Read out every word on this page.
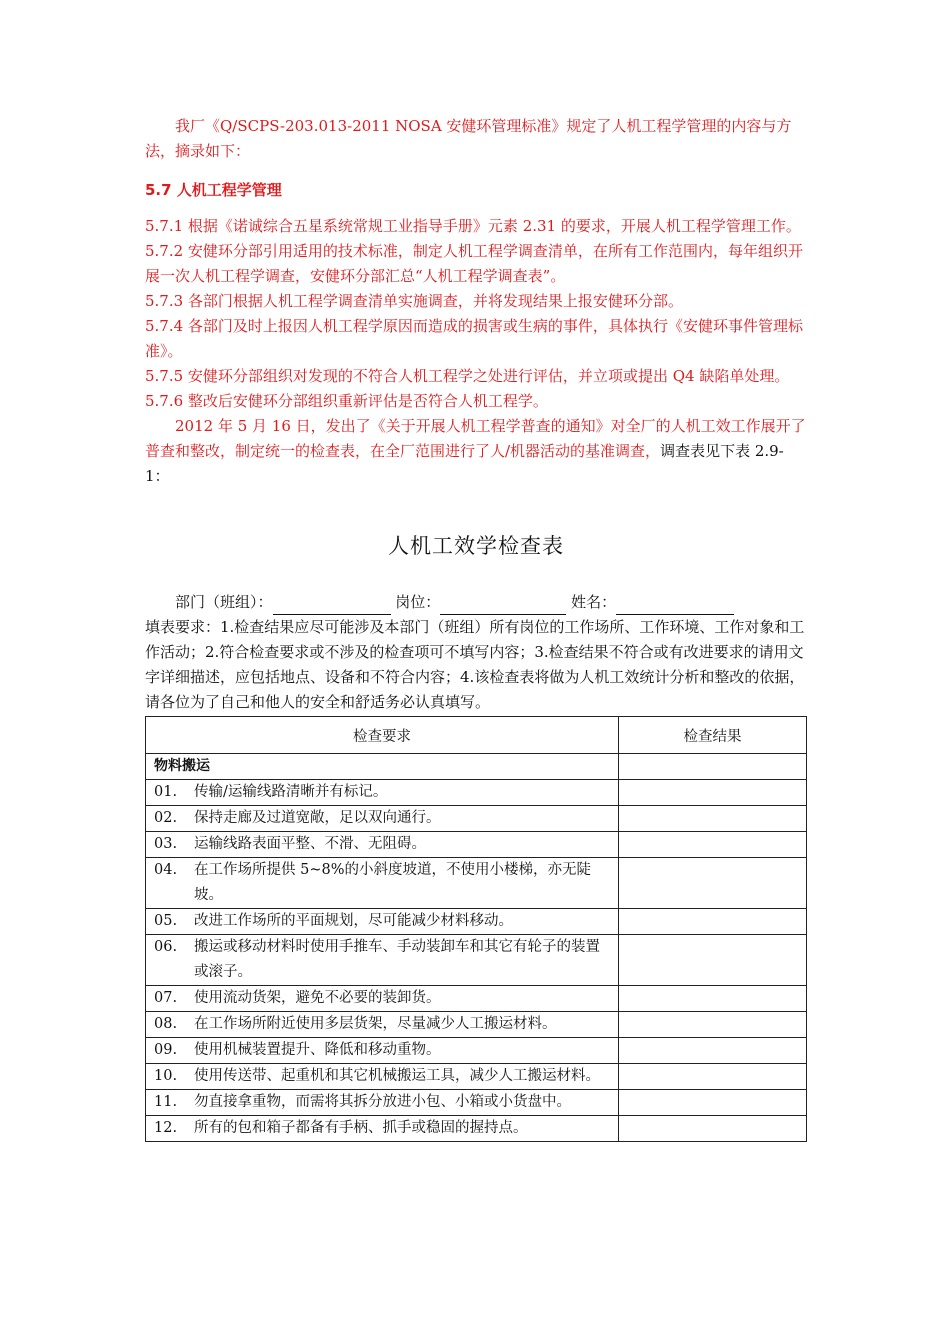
我厂《Q/SCPS-203.013-2011 NOSA 安健环管理标准》规定了人机工程学管理的内容与方法，摘录如下：

5.7 人机工程学管理

5.7.1 根据《诺诚综合五星系统常规工业指导手册》元素 2.31 的要求，开展人机工程学管理工作。

5.7.2 安健环分部引用适用的技术标准，制定人机工程学调查清单，在所有工作范围内，每年组织开展一次人机工程学调查，安健环分部汇总“人机工程学调查表”。

5.7.3 各部门根据人机工程学调查清单实施调查，并将发现结果上报安健环分部。

5.7.4 各部门及时上报因人机工程学原因而造成的损害或生病的事件，具体执行《安健环事件管理标准》。

5.7.5 安健环分部组织对发现的不符合人机工程学之处进行评估，并立项或提出 Q4 缺陷单处理。

5.7.6 整改后安健环分部组织重新评估是否符合人机工程学。

2012 年 5 月 16 日，发出了《关于开展人机工程学普查的通知》对全厂的人机工效工作展开了普查和整改，制定统一的检查表，在全厂范围进行了人/机器活动的基准调查，调查表见下表 2.9-1：

人机工效学检查表

部门（班组）：	岗位：	姓名：

填表要求：1.检查结果应尽可能涉及本部门（班组）所有岗位的工作场所、工作环境、工作对象和工作活动；2.符合检查要求或不涉及的检查项可不填写内容；3.检查结果不符合或有改进要求的请用文字详细描述，应包括地点、设备和不符合内容；4.该检查表将做为人机工效统计分析和整改的依据，请各位为了自己和他人的安全和舒适务必认真填写。

检查要求	检查结果
物料搬运	
01. 传输/运输线路清晰并有标记。	
02. 保持走廊及过道宽敞，足以双向通行。	
03. 运输线路表面平整、不滑、无阻碍。	
04. 在工作场所提供 5~8%的小斜度坡道，不使用小楼梯，亦无陡坡。	
05. 改进工作场所的平面规划，尽可能减少材料移动。	
06. 搬运或移动材料时使用手推车、手动装卸车和其它有轮子的装置或滚子。	
07. 使用流动货架，避免不必要的装卸货。	
08. 在工作场所附近使用多层货架，尽量减少人工搬运材料。	
09. 使用机械装置提升、降低和移动重物。	
10. 使用传送带、起重机和其它机械搬运工具，减少人工搬运材料。	
11. 勿直接拿重物，而需将其拆分放进小包、小箱或小货盘中。	
12. 所有的包和箱子都备有手柄、抓手或稳固的握持点。	
